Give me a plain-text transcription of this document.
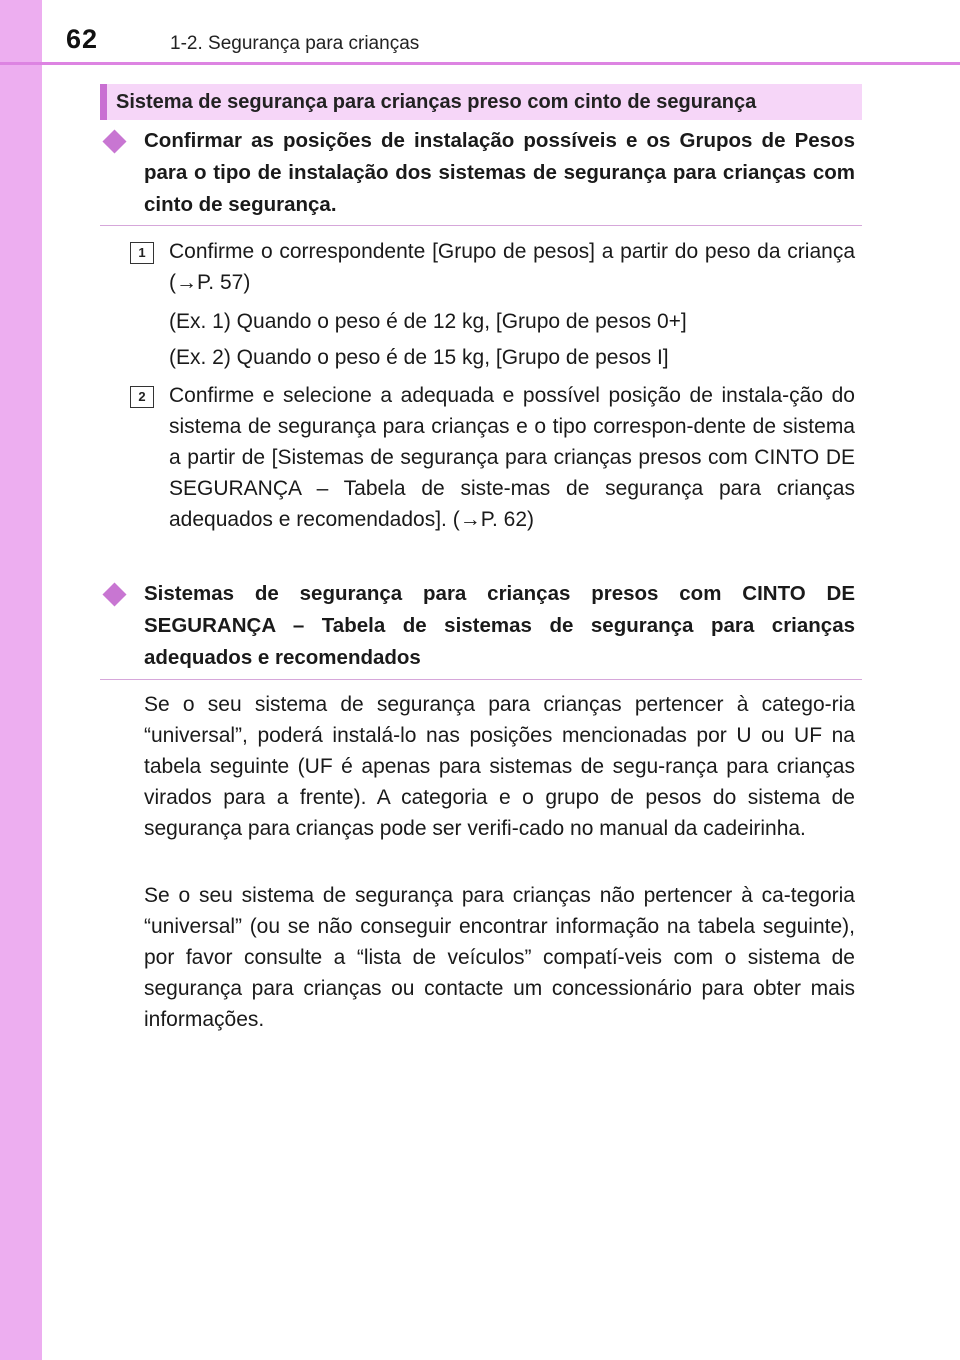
62	1-2. Segurança para crianças
Sistema de segurança para crianças preso com cinto de segurança
Confirmar as posições de instalação possíveis e os Grupos de Pesos para o tipo de instalação dos sistemas de segurança para crianças com cinto de segurança.
1	Confirme o correspondente [Grupo de pesos] a partir do peso da criança (→P. 57)
(Ex. 1) Quando o peso é de 12 kg, [Grupo de pesos 0+]
(Ex. 2) Quando o peso é de 15 kg, [Grupo de pesos I]
2	Confirme e selecione a adequada e possível posição de instala-ção do sistema de segurança para crianças e o tipo correspon-dente de sistema a partir de [Sistemas de segurança para crianças presos com CINTO DE SEGURANÇA – Tabela de siste-mas de segurança para crianças adequados e recomendados]. (→P. 62)
Sistemas de segurança para crianças presos com CINTO DE SEGURANÇA – Tabela de sistemas de segurança para crianças adequados e recomendados
Se o seu sistema de segurança para crianças pertencer à catego-ria “universal”, poderá instalá-lo nas posições mencionadas por U ou UF na tabela seguinte (UF é apenas para sistemas de segu-rança para crianças virados para a frente). A categoria e o grupo de pesos do sistema de segurança para crianças pode ser verifi-cado no manual da cadeirinha.
Se o seu sistema de segurança para crianças não pertencer à ca-tegoria “universal” (ou se não conseguir encontrar informação na tabela seguinte), por favor consulte a “lista de veículos” compatí-veis com o sistema de segurança para crianças ou contacte um concessionário para obter mais informações.
